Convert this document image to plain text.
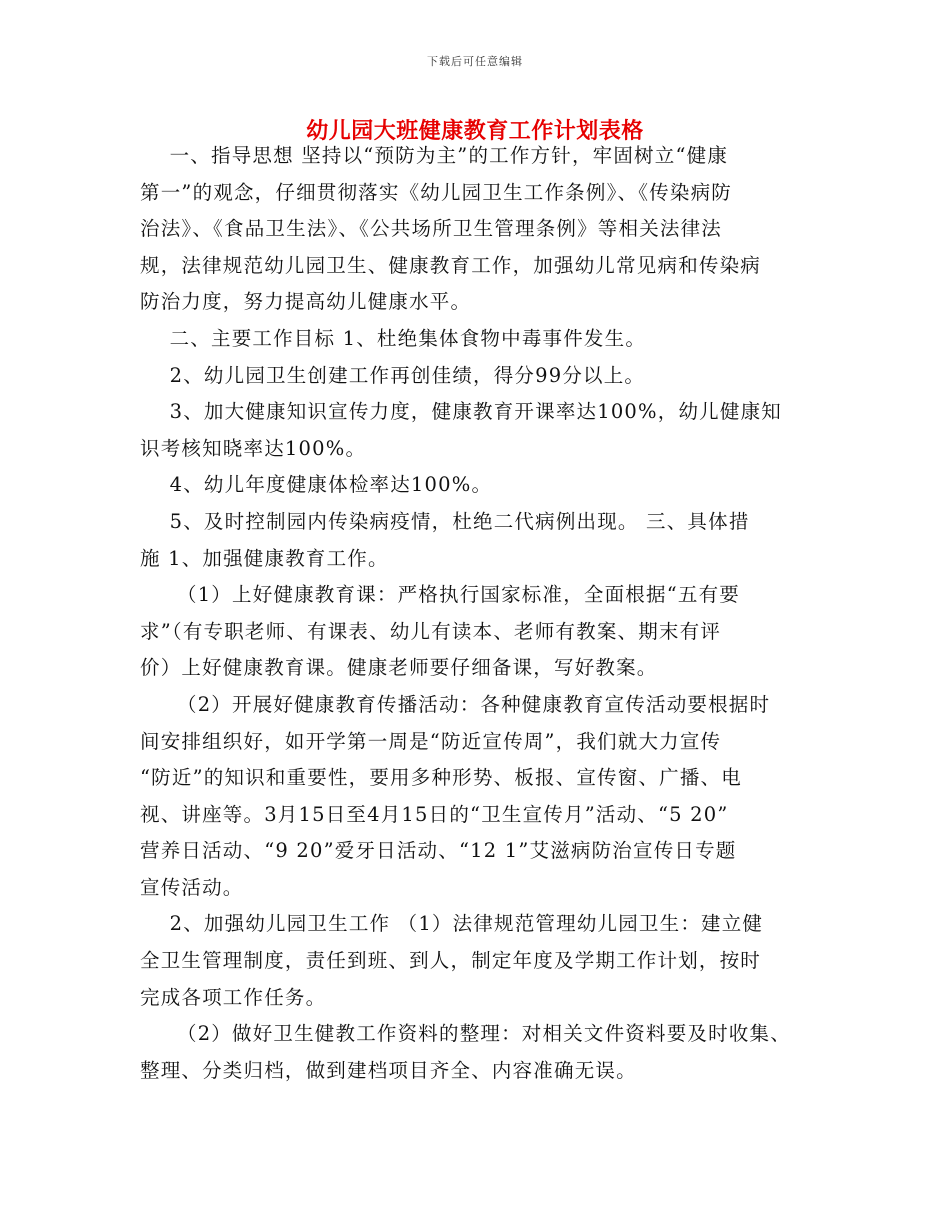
下载后可任意编辑
幼儿园大班健康教育工作计划表格

一、指导思想 坚持以“预防为主”的工作方针，牢固树立“健康

第一”的观念，仔细贯彻落实《幼儿园卫生工作条例》、《传染病防

治法》、《食品卫生法》、《公共场所卫生管理条例》等相关法律法

规，法律规范幼儿园卫生、健康教育工作，加强幼儿常见病和传染病

防治力度，努力提高幼儿健康水平。

二、主要工作目标 1、杜绝集体食物中毒事件发生。

2、幼儿园卫生创建工作再创佳绩，得分99分以上。

3、加大健康知识宣传力度，健康教育开课率达100%，幼儿健康知

识考核知晓率达100%。

4、幼儿年度健康体检率达100%。

5、及时控制园内传染病疫情，杜绝二代病例出现。 三、具体措

施 1、加强健康教育工作。

（1）上好健康教育课：严格执行国家标准，全面根据“五有要

求”（有专职老师、有课表、幼儿有读本、老师有教案、期末有评

价）上好健康教育课。健康老师要仔细备课，写好教案。

（2）开展好健康教育传播活动：各种健康教育宣传活动要根据时

间安排组织好，如开学第一周是“防近宣传周”，我们就大力宣传

“防近”的知识和重要性，要用多种形势、板报、宣传窗、广播、电

视、讲座等。3月15日至4月15日的“卫生宣传月”活动、“5 20”

营养日活动、“9 20”爱牙日活动、“12 1”艾滋病防治宣传日专题

宣传活动。

2、加强幼儿园卫生工作 （1）法律规范管理幼儿园卫生：建立健

全卫生管理制度，责任到班、到人，制定年度及学期工作计划，按时

完成各项工作任务。

（2）做好卫生健教工作资料的整理：对相关文件资料要及时收集、

整理、分类归档，做到建档项目齐全、内容准确无误。
